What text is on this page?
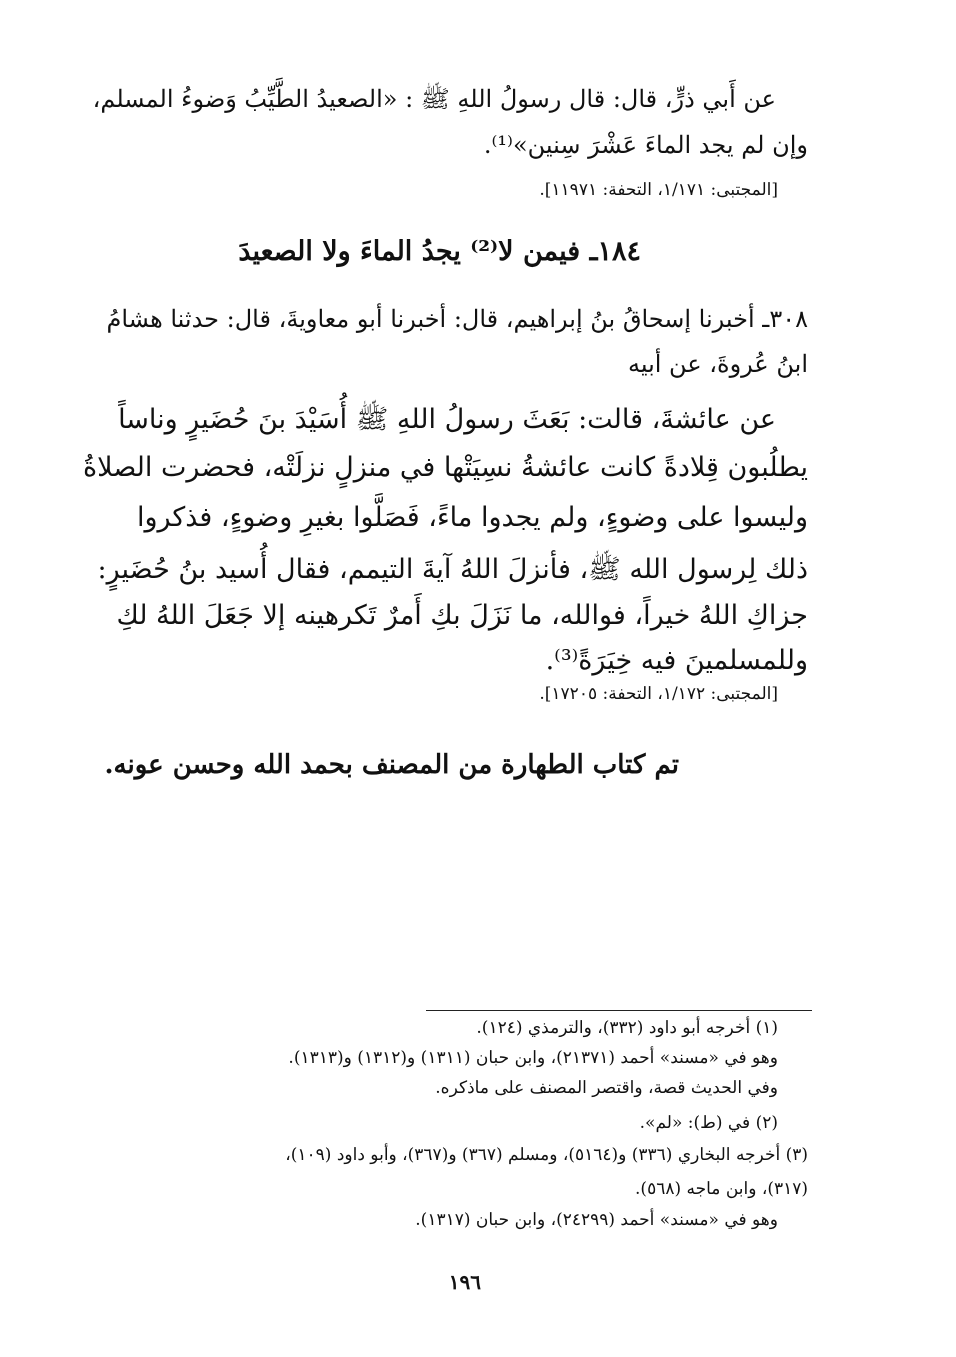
عن أَبي ذرٍّ، قال: قال رسولُ اللهِ ﷺ : «الصعيدُ الطَّيِّبُ وَضوءُ المسلم،
وإن لم يجد الماءَ عَشْرَ سِنين»⁽¹⁾.
[المجتبى: ١/١٧١، التحفة: ١١٩٧١].
١٨٤ـ فيمن لا⁽²⁾ يجدُ الماءَ ولا الصعيدَ
٣٠٨ـ أخبرنا إسحاقُ بنُ إبراهيم، قال: أخبرنا أبو معاويةَ، قال: حدثنا هشامُ
ابنُ عُروةَ، عن أبيه
عن عائشةَ، قالت: بَعَثَ رسولُ اللهِ ﷺ أُسَيْدَ بنَ حُضَيرٍ وناساً
يطلُبون قِلادةً كانت عائشةُ نسِيَتْها في منزلٍ نزلَتْه، فحضرت الصلاةُ
وليسوا على وضوءٍ، ولم يجدوا ماءً، فَصَلَّوا بغيرِ وضوءٍ، فذكروا
ذلك لِرسول الله ﷺ، فأنزلَ اللهُ آيةَ التيمم، فقال أُسيد بنُ حُضَيرٍ:
جزاكِ اللهُ خيراً، فوالله، ما نَزَلَ بكِ أَمرٌ تَكرهينه إلا جَعَلَ اللهُ لكِ
وللمسلمينَ فيه خِيَرَةً⁽³⁾.
[المجتبى: ١/١٧٢، التحفة: ١٧٢٠٥].
تم كتاب الطهارة من المصنف بحمد الله وحسن عونه.
(١) أخرجه أبو داود (٣٣٢)، والترمذي (١٢٤).
وهو في «مسند» أحمد (٢١٣٧١)، وابن حبان (١٣١١) و(١٣١٢) و(١٣١٣).
وفي الحديث قصة، واقتصر المصنف على ماذكره.
(٢) في (ط): «لم».
(٣) أخرجه البخاري (٣٣٦) و(٥١٦٤)، ومسلم (٣٦٧) و(٣٦٧)، وأبو داود (١٠٩)،
(٣١٧)، وابن ماجه (٥٦٨).
وهو في «مسند» أحمد (٢٤٢٩٩)، وابن حبان (١٣١٧).
١٩٦
